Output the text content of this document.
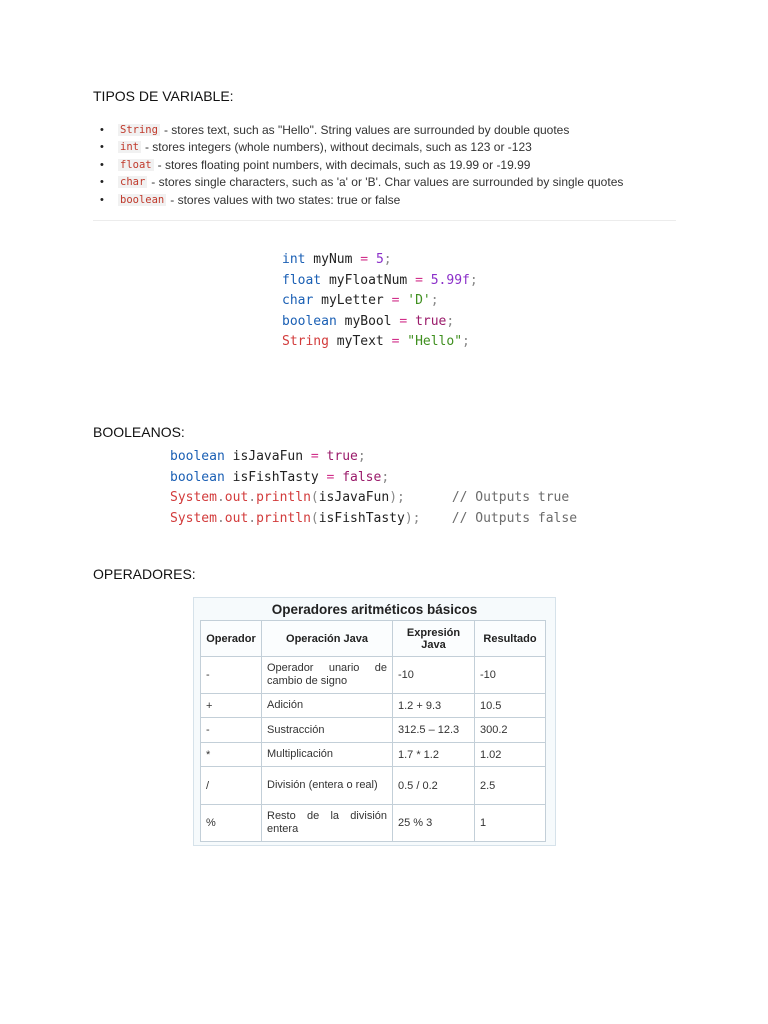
TIPOS DE VARIABLE:
•	String - stores text, such as "Hello". String values are surrounded by double quotes
•	int - stores integers (whole numbers), without decimals, such as 123 or -123
•	float - stores floating point numbers, with decimals, such as 19.99 or -19.99
•	char - stores single characters, such as 'a' or 'B'. Char values are surrounded by single quotes
•	boolean - stores values with two states: true or false
int myNum = 5;
float myFloatNum = 5.99f;
char myLetter = 'D';
boolean myBool = true;
String myText = "Hello";
BOOLEANOS:
boolean isJavaFun = true;
boolean isFishTasty = false;
System.out.println(isJavaFun);	// Outputs true
System.out.println(isFishTasty); // Outputs false
OPERADORES:
Operadores aritméticos básicos
Operador	Operación Java	Expresión Java	Resultado
-	Operador unario de cambio de signo	-10	-10
+	Adición	1.2 + 9.3	10.5
-	Sustracción	312.5 – 12.3	300.2
*	Multiplicación	1.7 * 1.2	1.02
/	División (entera o real)	0.5 / 0.2	2.5
%	Resto de la división entera	25 % 3	1
